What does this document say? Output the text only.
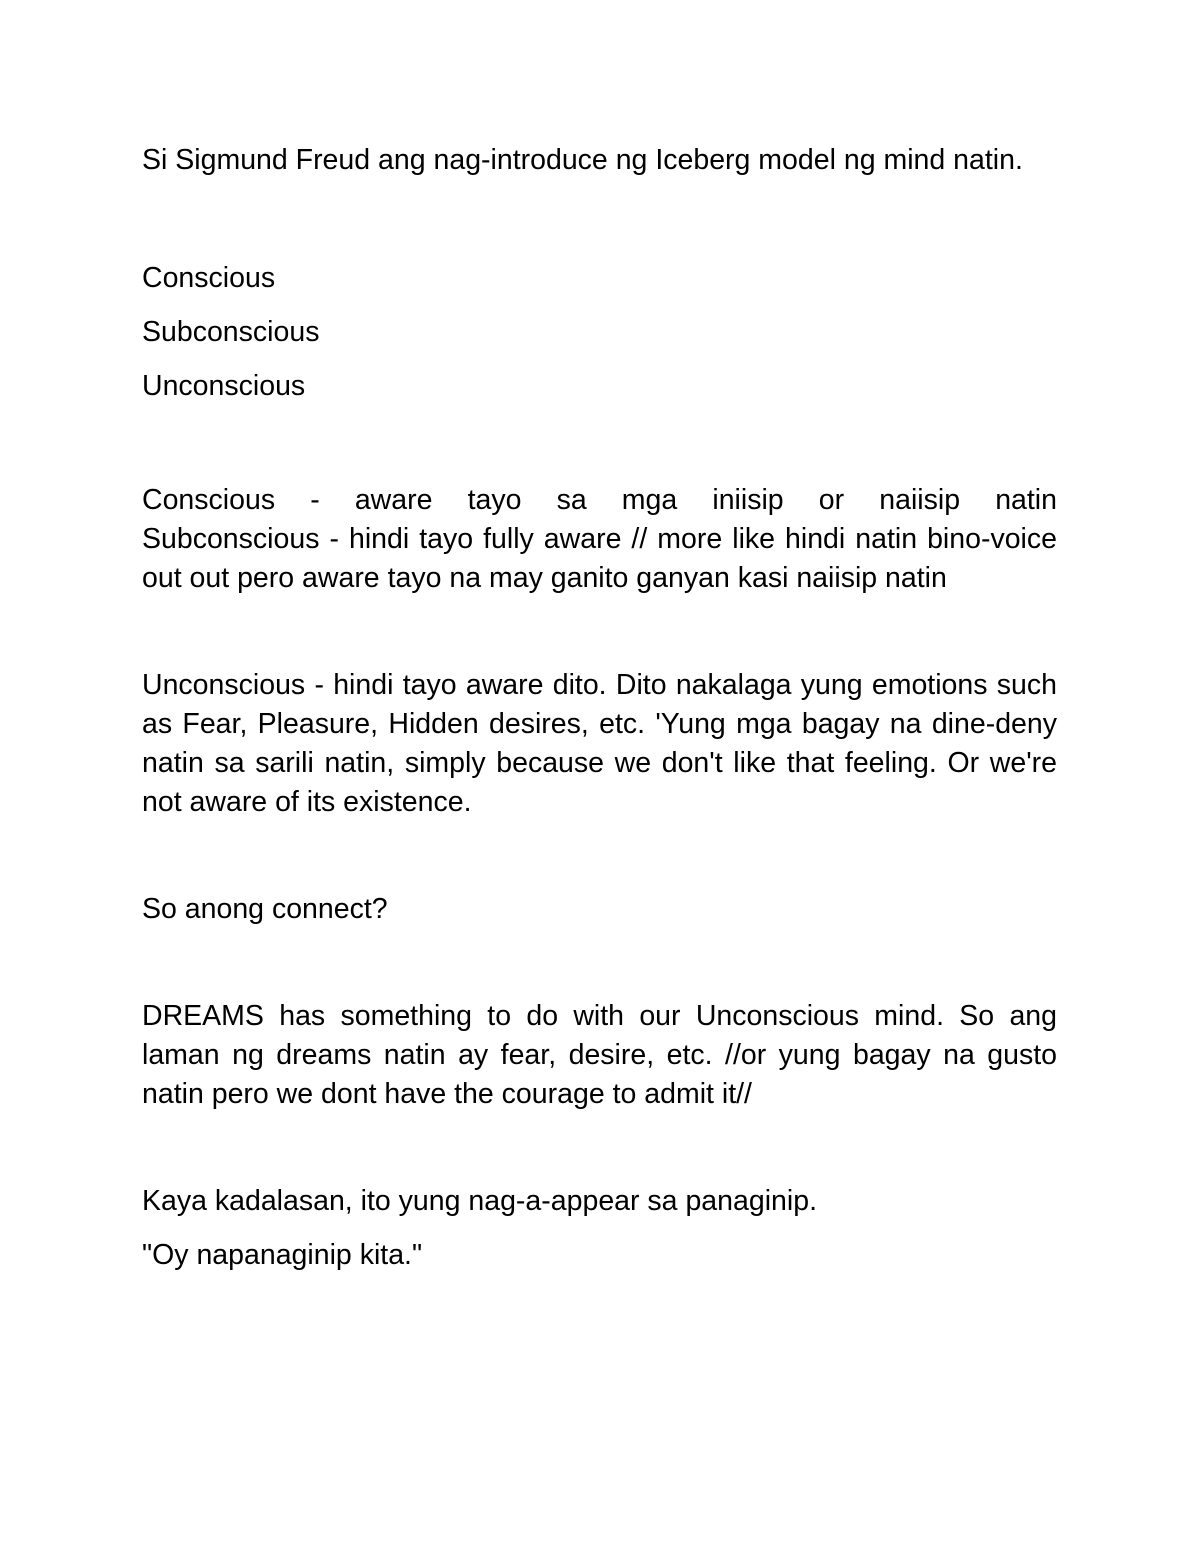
Si Sigmund Freud ang nag-introduce ng Iceberg model ng mind natin.

Conscious

Subconscious

Unconscious

Conscious - aware tayo sa mga iniisip or naiisip natin

Subconscious - hindi tayo fully aware // more like hindi natin bino-voice out out pero aware tayo na may ganito ganyan kasi naiisip natin

Unconscious - hindi tayo aware dito. Dito nakalaga yung emotions such as Fear, Pleasure, Hidden desires, etc. 'Yung mga bagay na dine-deny natin sa sarili natin, simply because we don't like that feeling. Or we're not aware of its existence.

So anong connect?

DREAMS has something to do with our Unconscious mind. So ang laman ng dreams natin ay fear, desire, etc. //or yung bagay na gusto natin pero we dont have the courage to admit it//

Kaya kadalasan, ito yung nag-a-appear sa panaginip.

"Oy napanaginip kita."
